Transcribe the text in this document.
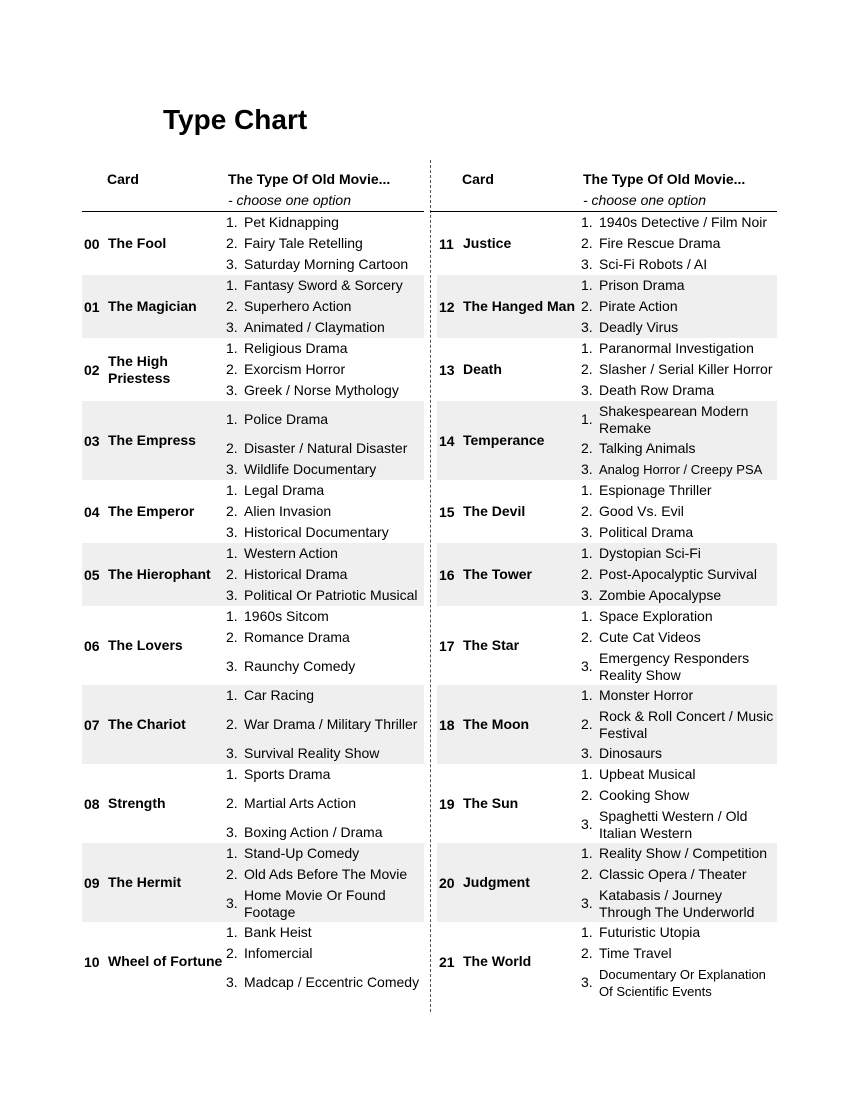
Type Chart
Card	The Type Of Old Movie...
- choose one option
00 The Fool
1. Pet Kidnapping
2. Fairy Tale Retelling
3. Saturday Morning Cartoon
01 The Magician
1. Fantasy Sword & Sorcery
2. Superhero Action
3. Animated / Claymation
02
The High Priestess
1. Religious Drama
2. Exorcism Horror
3. Greek / Norse Mythology
03 The Empress
1. Police Drama
2. Disaster / Natural Disaster
3. Wildlife Documentary
04 The Emperor
1. Legal Drama
2. Alien Invasion
3. Historical Documentary
05 The Hierophant
1. Western Action
2. Historical Drama
3. Political Or Patriotic Musical
06 The Lovers
1. 1960s Sitcom
2. Romance Drama
3. Raunchy Comedy
07 The Chariot
1. Car Racing
2. War Drama / Military Thriller
3. Survival Reality Show
08 Strength
1. Sports Drama
2. Martial Arts Action
3. Boxing Action / Drama
09 The Hermit
1. Stand-Up Comedy
2. Old Ads Before The Movie
3.
Home Movie Or Found Footage
10 Wheel of Fortune
1. Bank Heist
2. Infomercial
3. Madcap / Eccentric Comedy
Card	The Type Of Old Movie...
- choose one option
11 Justice
1. 1940s Detective / Film Noir
2. Fire Rescue Drama
3. Sci-Fi Robots / AI
12 The Hanged Man
1. Prison Drama
2. Pirate Action
3. Deadly Virus
13 Death
1. Paranormal Investigation
2. Slasher / Serial Killer Horror
3. Death Row Drama
14 Temperance
1.
Shakespearean Modern Remake
2. Talking Animals
3. Analog Horror / Creepy PSA
15 The Devil
1. Espionage Thriller
2. Good Vs. Evil
3. Political Drama
16 The Tower
1. Dystopian Sci-Fi
2. Post-Apocalyptic Survival
3. Zombie Apocalypse
17 The Star
1. Space Exploration
2. Cute Cat Videos
3.
Emergency Responders Reality Show
18 The Moon
1. Monster Horror
2.
Rock & Roll Concert / Music Festival
3. Dinosaurs
19 The Sun
1. Upbeat Musical
2. Cooking Show
3.
Spaghetti Western / Old Italian Western
20 Judgment
1. Reality Show / Competition
2. Classic Opera / Theater
3.
Katabasis / Journey Through The Underworld
21 The World
1. Futuristic Utopia
2. Time Travel
3. Documentary Or Explanation Of Scientific Events
